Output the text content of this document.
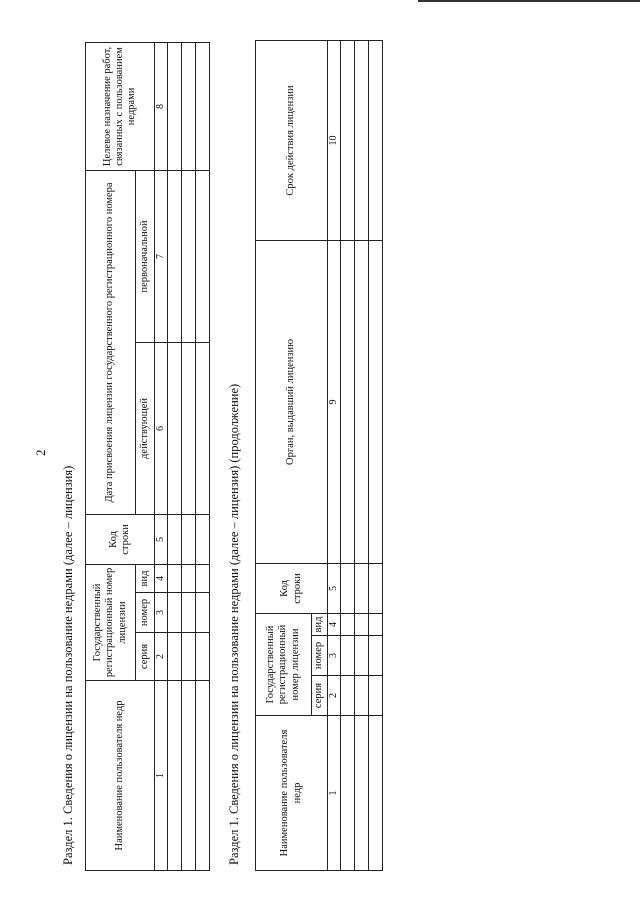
2
Раздел 1. Сведения о лицензии на пользование недрами (далее – лицензия)	Наименование пользователя недр	Государственный регистрационный номер лицензии			Код строки	Дата присвоения лицензии государственного регистрационного номера		Целевое назначение работ, связанных с пользованием недрами
	серия	номер	вид		действующей	первоначальной	
1	2	3	4	5	6	7	8

Раздел 1. Сведения о лицензии на пользование недрами (далее – лицензия) (продолжение)	Наименование пользователя недр	Государственный регистрационный номер лицензии			Код строки	Орган, выдавший лицензию	Срок действия лицензии
	серия	номер	вид			
1	2	3	4	5	9	10
